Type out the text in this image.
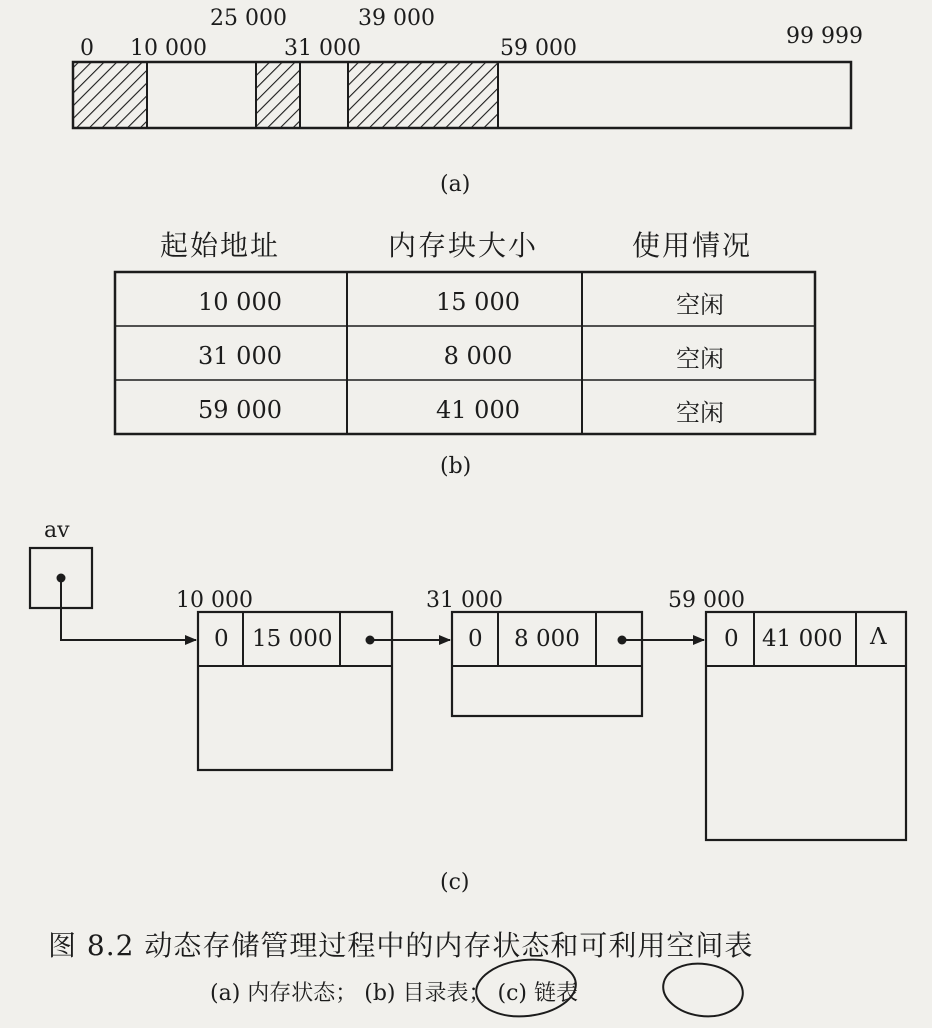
0 10 000
25 000
31 000
39 000
59 000	99 999
(a)
起始地址	内存块大小	使用情况
10 000	15 000	空闲
31 000	8 000	空闲
59 000	41 000	空闲
(b)
av
10 000
0 15 000
31 000
0 8 000
59 000
0 41 000 Λ
(c)
图 8.2 动态存储管理过程中的内存状态和可利用空间表
(a) 内存状态； (b) 目录表； (c) 链表
